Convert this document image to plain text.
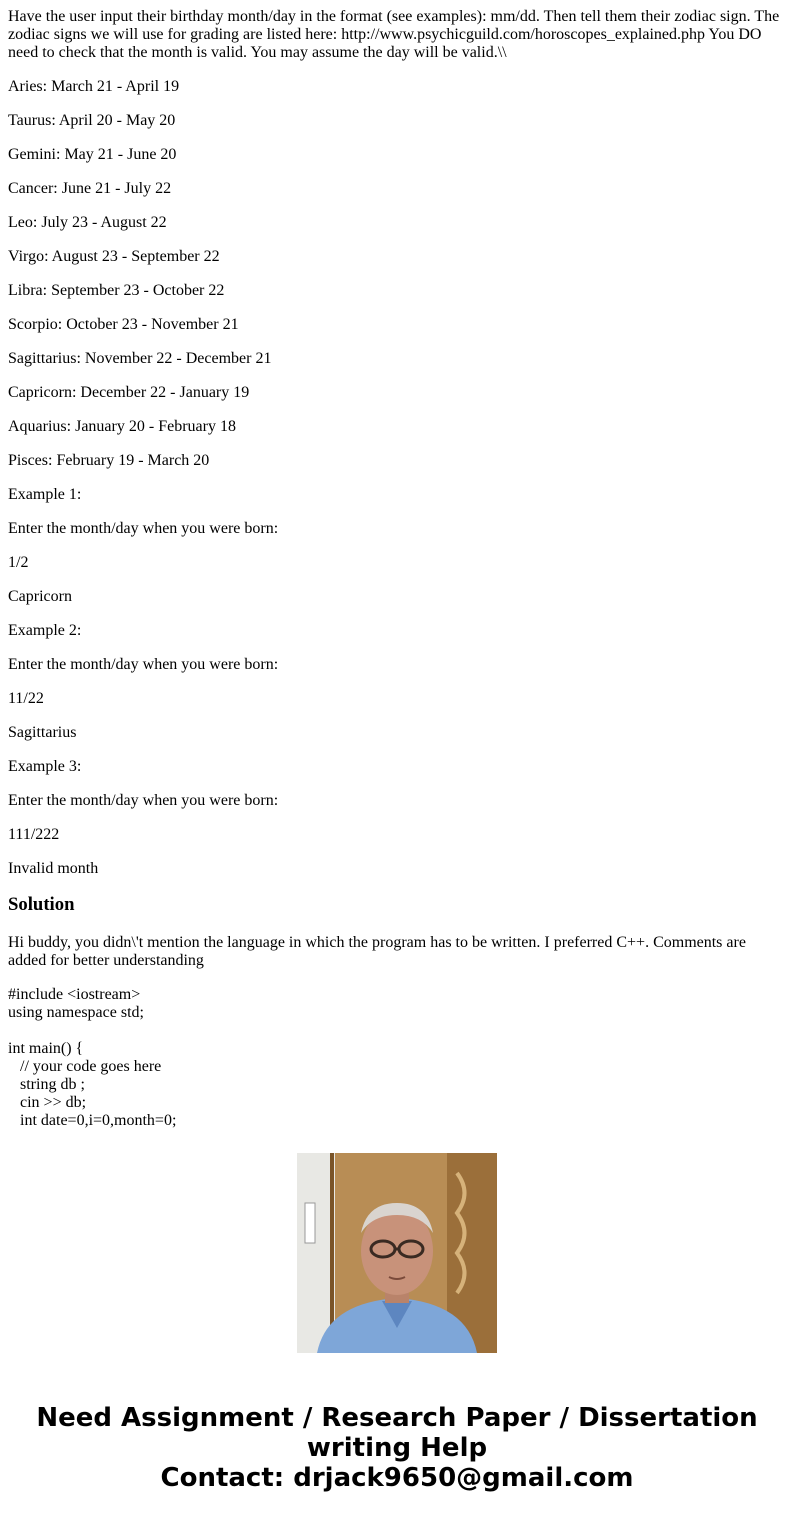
Have the user input their birthday month/day in the format (see examples): mm/dd. Then tell them their zodiac sign. The zodiac signs we will use for grading are listed here: http://www.psychicguild.com/horoscopes_explained.php You DO need to check that the month is valid. You may assume the day will be valid.\\

Aries: March 21 - April 19

Taurus: April 20 - May 20

Gemini: May 21 - June 20

Cancer: June 21 - July 22

Leo: July 23 - August 22

Virgo: August 23 - September 22

Libra: September 23 - October 22

Scorpio: October 23 - November 21

Sagittarius: November 22 - December 21

Capricorn: December 22 - January 19

Aquarius: January 20 - February 18

Pisces: February 19 - March 20

Example 1:

Enter the month/day when you were born:

1/2

Capricorn

Example 2:

Enter the month/day when you were born:

11/22

Sagittarius

Example 3:

Enter the month/day when you were born:

111/222

Invalid month

Solution

Hi buddy, you didn\'t mention the language in which the program has to be written. I preferred C++. Comments are added for better understanding

#include <iostream>
using namespace std;
int main() {
// your code goes here
string db ;
cin >> db;
int date=0,i=0,month=0;
Need Assignment / Research Paper / Dissertation
writing Help
Contact: drjack9650@gmail.com
